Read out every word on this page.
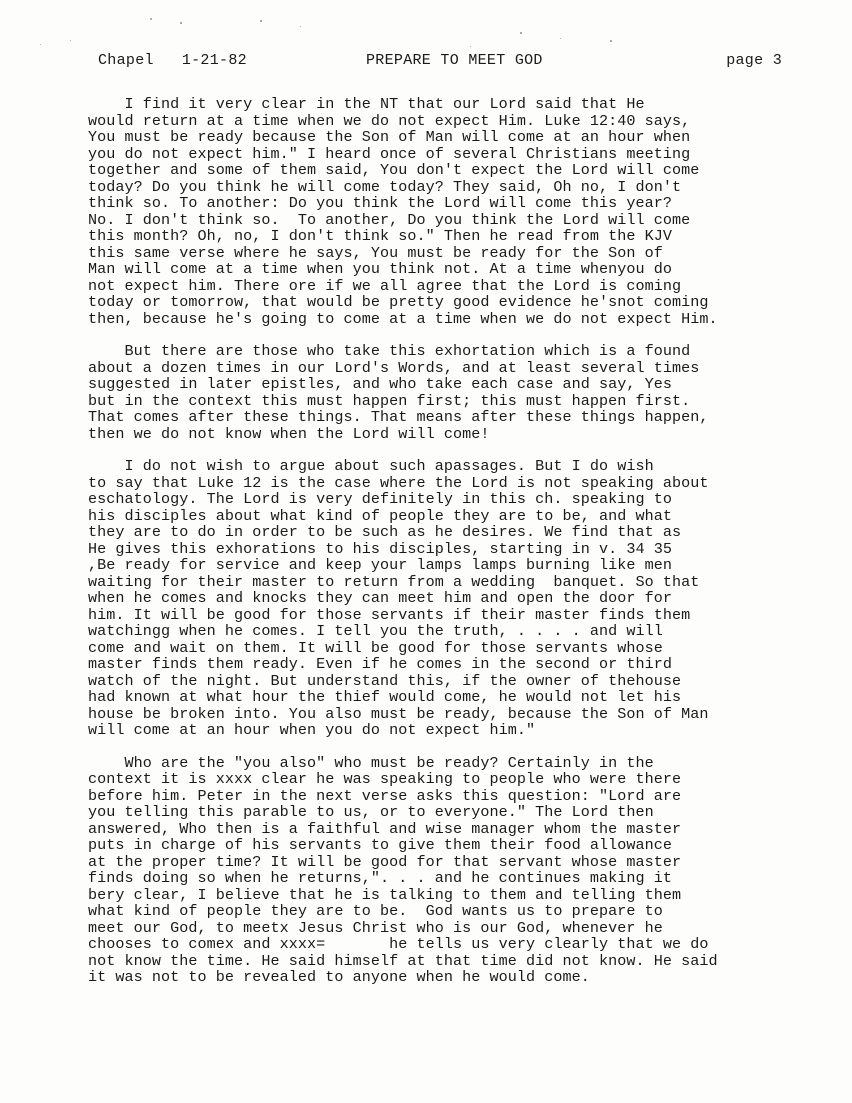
Chapel 1-21-82	PREPARE TO MEET GOD	page 3
I find it very clear in the NT that our Lord said that He
would return at a time when we do not expect Him. Luke 12:40 says,
You must be ready because the Son of Man will come at an hour when
you do not expect him." I heard once of several Christians meeting
together and some of them said, You don't expect the Lord will come
today? Do you think he will come today? They said, Oh no, I don't
think so. To another: Do you think the Lord will come this year?
No. I don't think so.  To another, Do you think the Lord will come
this month? Oh, no, I don't think so." Then he read from the KJV
this same verse where he says, You must be ready for the Son of
Man will come at a time when you think not. At a time whenyou do
not expect him. There ore if we all agree that the Lord is coming
today or tomorrow, that would be pretty good evidence he'snot coming
then, because he's going to come at a time when we do not expect Him.
But there are those who take this exhortation which is a found
about a dozen times in our Lord's Words, and at least several times
suggested in later epistles, and who take each case and say, Yes
but in the context this must happen first; this must happen first.
That comes after these things. That means after these things happen,
then we do not know when the Lord will come!
I do not wish to argue about such apassages. But I do wish
to say that Luke 12 is the case where the Lord is not speaking about
eschatology. The Lord is very definitely in this ch. speaking to
his disciples about what kind of people they are to be, and what
they are to do in order to be such as he desires. We find that as
He gives this exhorations to his disciples, starting in v. 34 35
,Be ready for service and keep your lamps lamps burning like men
waiting for their master to return from a wedding  banquet. So that
when he comes and knocks they can meet him and open the door for
him. It will be good for those servants if their master finds them
watchingg when he comes. I tell you the truth, . . . . and will
come and wait on them. It will be good for those servants whose
master finds them ready. Even if he comes in the second or third
watch of the night. But understand this, if the owner of thehouse
had known at what hour the thief would come, he would not let his
house be broken into. You also must be ready, because the Son of Man
will come at an hour when you do not expect him."
Who are the "you also" who must be ready? Certainly in the
context it is xxxx clear he was speaking to people who were there
before him. Peter in the next verse asks this question: "Lord are
you telling this parable to us, or to everyone." The Lord then
answered, Who then is a faithful and wise manager whom the master
puts in charge of his servants to give them their food allowance
at the proper time? It will be good for that servant whose master
finds doing so when he returns,". . . and he continues making it
bery clear, I believe that he is talking to them and telling them
what kind of people they are to be.  God wants us to prepare to
meet our God, to meetx Jesus Christ who is our God, whenever he
chooses to comex and xxxx=       he tells us very clearly that we do
not know the time. He said himself at that time did not know. He said
it was not to be revealed to anyone when he would come.
